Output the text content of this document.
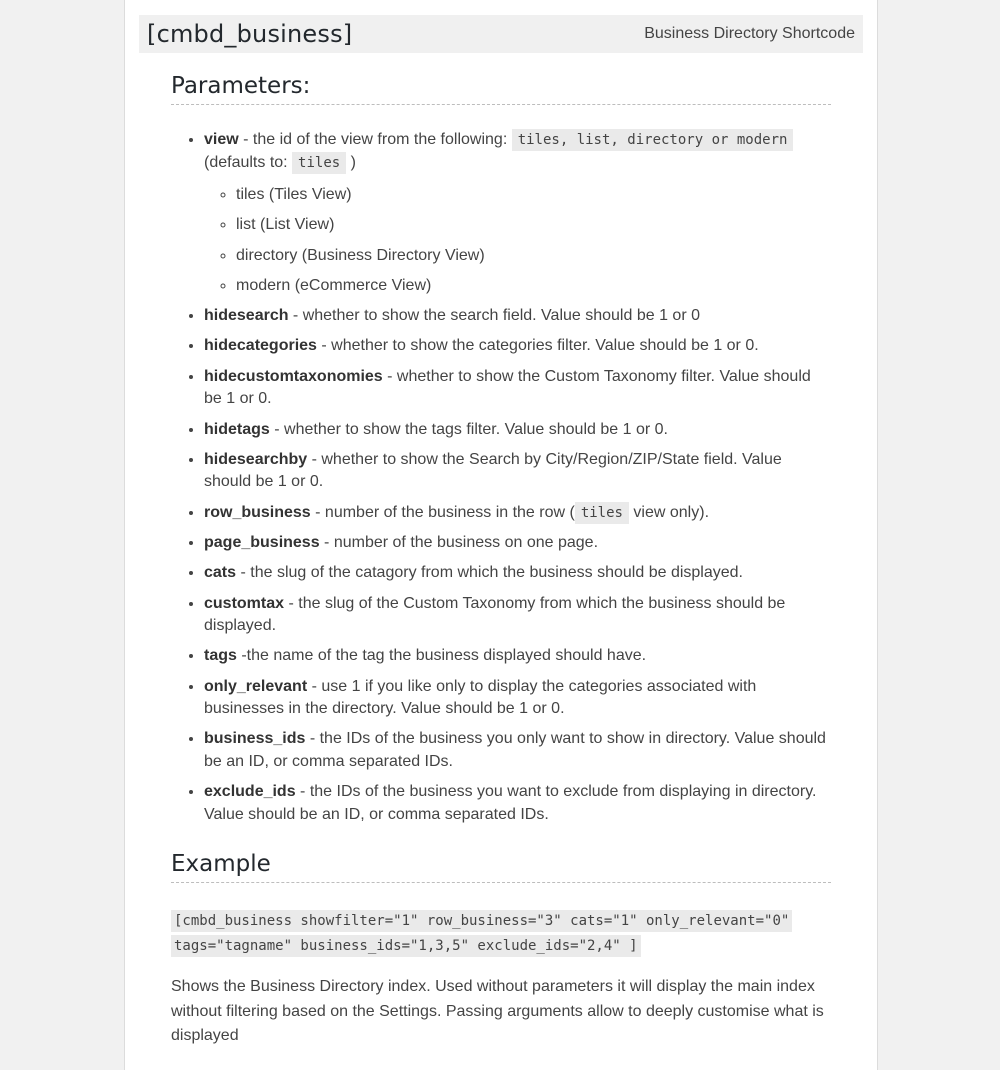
[cmbd_business]	Business Directory Shortcode
Parameters:
• view - the id of the view from the following: tiles, list, directory or modern (defaults to: tiles )
◦ tiles (Tiles View)
◦ list (List View)
◦ directory (Business Directory View)
◦ modern (eCommerce View)
• hidesearch - whether to show the search field. Value should be 1 or 0
• hidecategories - whether to show the categories filter. Value should be 1 or 0.
• hidecustomtaxonomies - whether to show the Custom Taxonomy filter. Value should be 1 or 0.
• hidetags - whether to show the tags filter. Value should be 1 or 0.
• hidesearchby - whether to show the Search by City/Region/ZIP/State field. Value should be 1 or 0.
• row_business - number of the business in the row ( tiles view only).
• page_business - number of the business on one page.
• cats - the slug of the catagory from which the business should be displayed.
• customtax - the slug of the Custom Taxonomy from which the business should be displayed.
• tags -the name of the tag the business displayed should have.
• only_relevant - use 1 if you like only to display the categories associated with businesses in the directory. Value should be 1 or 0.
• business_ids - the IDs of the business you only want to show in directory. Value should be an ID, or comma separated IDs.
• exclude_ids - the IDs of the business you want to exclude from displaying in directory. Value should be an ID, or comma separated IDs.
Example
[cmbd_business showfilter="1" row_business="3" cats="1" only_relevant="0"
tags="tagname" business_ids="1,3,5" exclude_ids="2,4" ]
Shows the Business Directory index. Used without parameters it will display the main index without filtering based on the Settings. Passing arguments allow to deeply customise what is displayed
